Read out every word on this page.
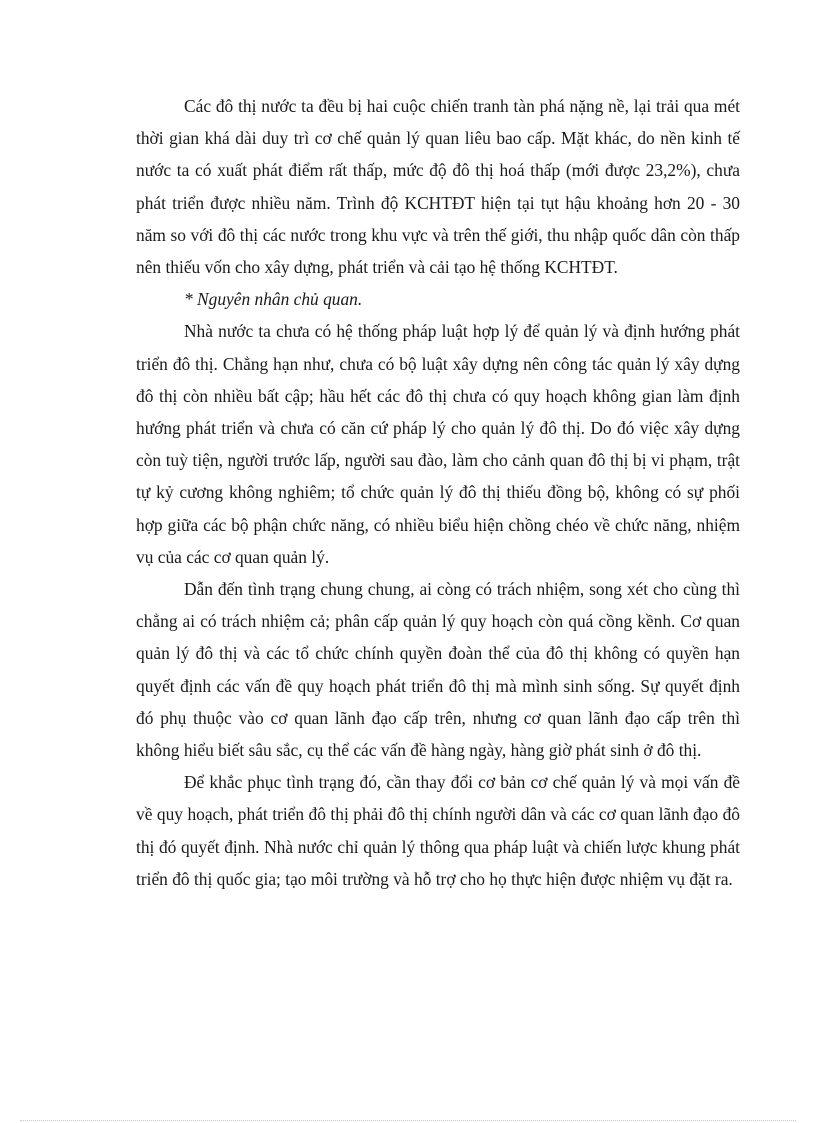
Các đô thị nước ta đều bị hai cuộc chiến tranh tàn phá nặng nề, lại trải qua mét thời gian khá dài duy trì cơ chế quản lý quan liêu bao cấp. Mặt khác, do nền kinh tế nước ta có xuất phát điểm rất thấp, mức độ đô thị hoá thấp (mới được 23,2%), chưa phát triển được nhiều năm. Trình độ KCHTĐT hiện tại tụt hậu khoảng hơn 20 - 30 năm so với đô thị các nước trong khu vực và trên thế giới, thu nhập quốc dân còn thấp nên thiếu vốn cho xây dựng, phát triển và cải tạo hệ thống KCHTĐT.

* Nguyên nhân chủ quan.

Nhà nước ta chưa có hệ thống pháp luật hợp lý để quản lý và định hướng phát triển đô thị. Chẳng hạn như, chưa có bộ luật xây dựng nên công tác quản lý xây dựng đô thị còn nhiều bất cập; hầu hết các đô thị chưa có quy hoạch không gian làm định hướng phát triển và chưa có căn cứ pháp lý cho quản lý đô thị. Do đó việc xây dựng còn tuỳ tiện, người trước lấp, người sau đào, làm cho cảnh quan đô thị bị vi phạm, trật tự kỷ cương không nghiêm; tổ chức quản lý đô thị thiếu đồng bộ, không có sự phối hợp giữa các bộ phận chức năng, có nhiều biểu hiện chồng chéo về chức năng, nhiệm vụ của các cơ quan quản lý.

Dẫn đến tình trạng chung chung, ai còng có trách nhiệm, song xét cho cùng thì chẳng ai có trách nhiệm cả; phân cấp quản lý quy hoạch còn quá cồng kềnh. Cơ quan quản lý đô thị và các tổ chức chính quyền đoàn thể của đô thị không có quyền hạn quyết định các vấn đề quy hoạch phát triển đô thị mà mình sinh sống. Sự quyết định đó phụ thuộc vào cơ quan lãnh đạo cấp trên, nhưng cơ quan lãnh đạo cấp trên thì không hiểu biết sâu sắc, cụ thể các vấn đề hàng ngày, hàng giờ phát sinh ở đô thị.

Để khắc phục tình trạng đó, cần thay đổi cơ bản cơ chế quản lý và mọi vấn đề về quy hoạch, phát triển đô thị phải đô thị chính người dân và các cơ quan lãnh đạo đô thị đó quyết định. Nhà nước chỉ quản lý thông qua pháp luật và chiến lược khung phát triển đô thị quốc gia; tạo môi trường và hỗ trợ cho họ thực hiện được nhiệm vụ đặt ra.
